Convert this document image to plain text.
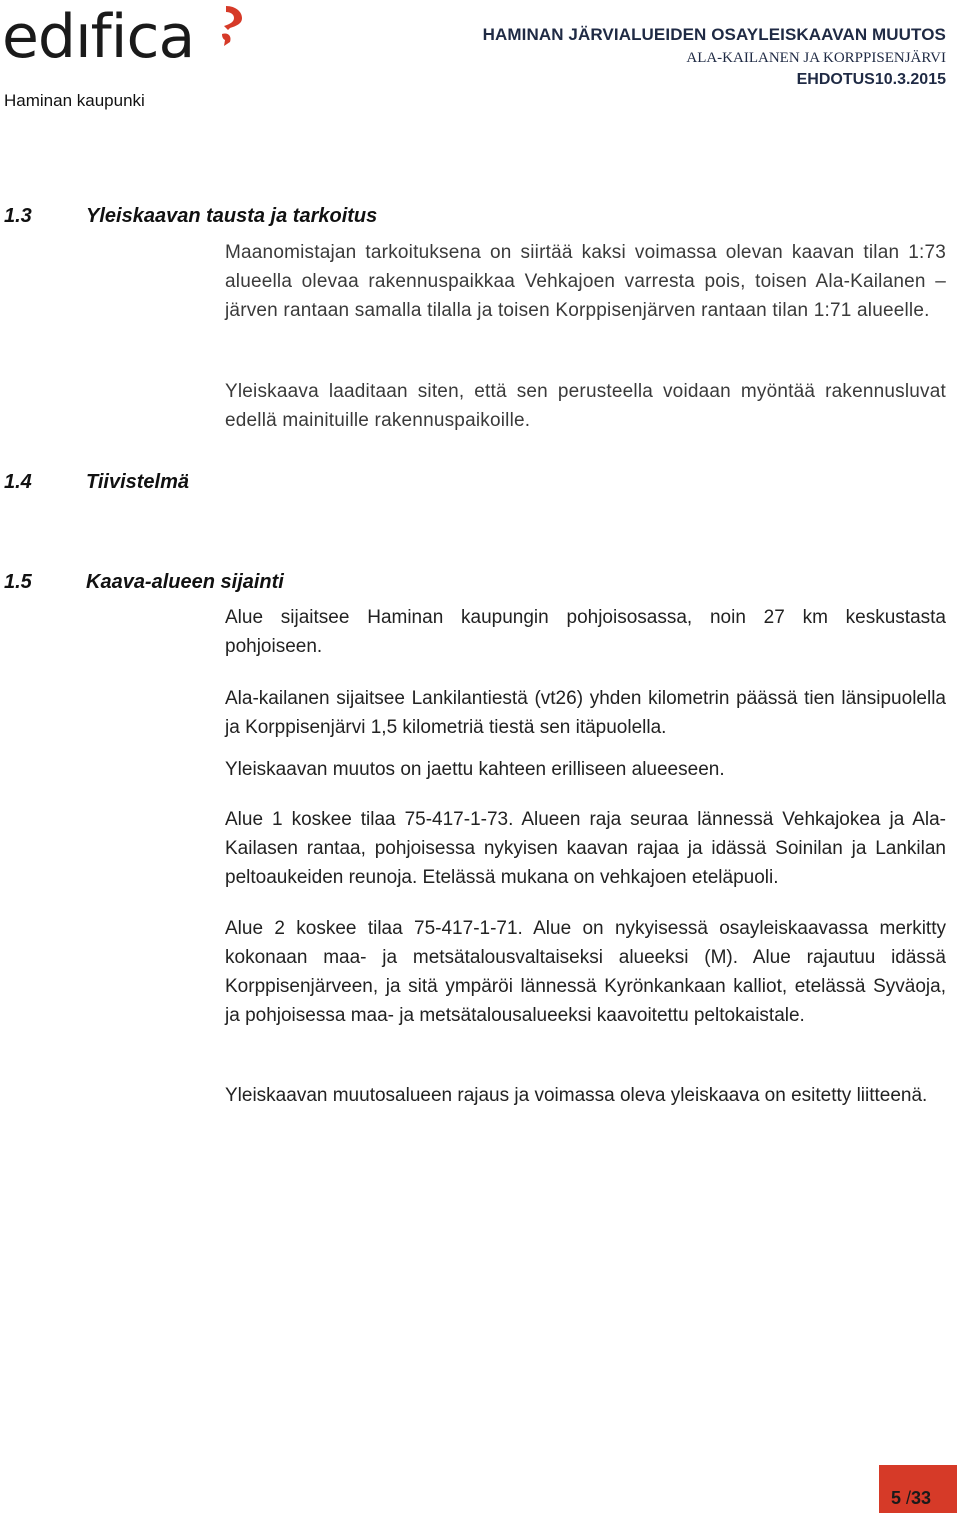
edıfica
Haminan kaupunki
HAMINAN JÄRVIALUEIDEN OSAYLEISKAAVAN MUUTOS
ALA-KAILANEN JA KORPPISENJÄRVI
EHDOTUS10.3.2015
1.3	Yleiskaavan tausta ja tarkoitus

Maanomistajan tarkoituksena on siirtää kaksi voimassa olevan kaavan tilan 1:73 alueella olevaa rakennuspaikkaa Vehkajoen varresta pois, toisen Ala-Kailanen –järven rantaan samalla tilalla ja toisen Korppisenjärven rantaan tilan 1:71 alueelle.

Yleiskaava laaditaan siten, että sen perusteella voidaan myöntää rakennusluvat edellä mainituille rakennuspaikoille.

1.4	Tiivistelmä
1.5	Kaava-alueen sijainti

Alue sijaitsee Haminan kaupungin pohjoisosassa, noin 27 km keskustasta pohjoiseen.

Ala-kailanen sijaitsee Lankilantiestä (vt26) yhden kilometrin päässä tien länsipuolella ja Korppisenjärvi 1,5 kilometriä tiestä sen itäpuolella.

Yleiskaavan muutos on jaettu kahteen erilliseen alueeseen.

Alue 1 koskee tilaa 75-417-1-73. Alueen raja seuraa lännessä Vehkajokea ja Ala-Kailasen rantaa, pohjoisessa nykyisen kaavan rajaa ja idässä Soinilan ja Lankilan peltoaukeiden reunoja. Etelässä mukana on vehkajoen eteläpuoli.

Alue 2 koskee tilaa 75-417-1-71. Alue on nykyisessä osayleiskaavassa merkitty kokonaan maa- ja metsätalousvaltaiseksi alueeksi (M). Alue rajautuu idässä Korppisenjärveen, ja sitä ympäröi lännessä Kyrönkankaan kalliot, etelässä Syväoja, ja pohjoisessa maa- ja metsätalousalueeksi kaavoitettu peltokaistale.

Yleiskaavan muutosalueen rajaus ja voimassa oleva yleiskaava on esitetty liitteenä.

5 /33
